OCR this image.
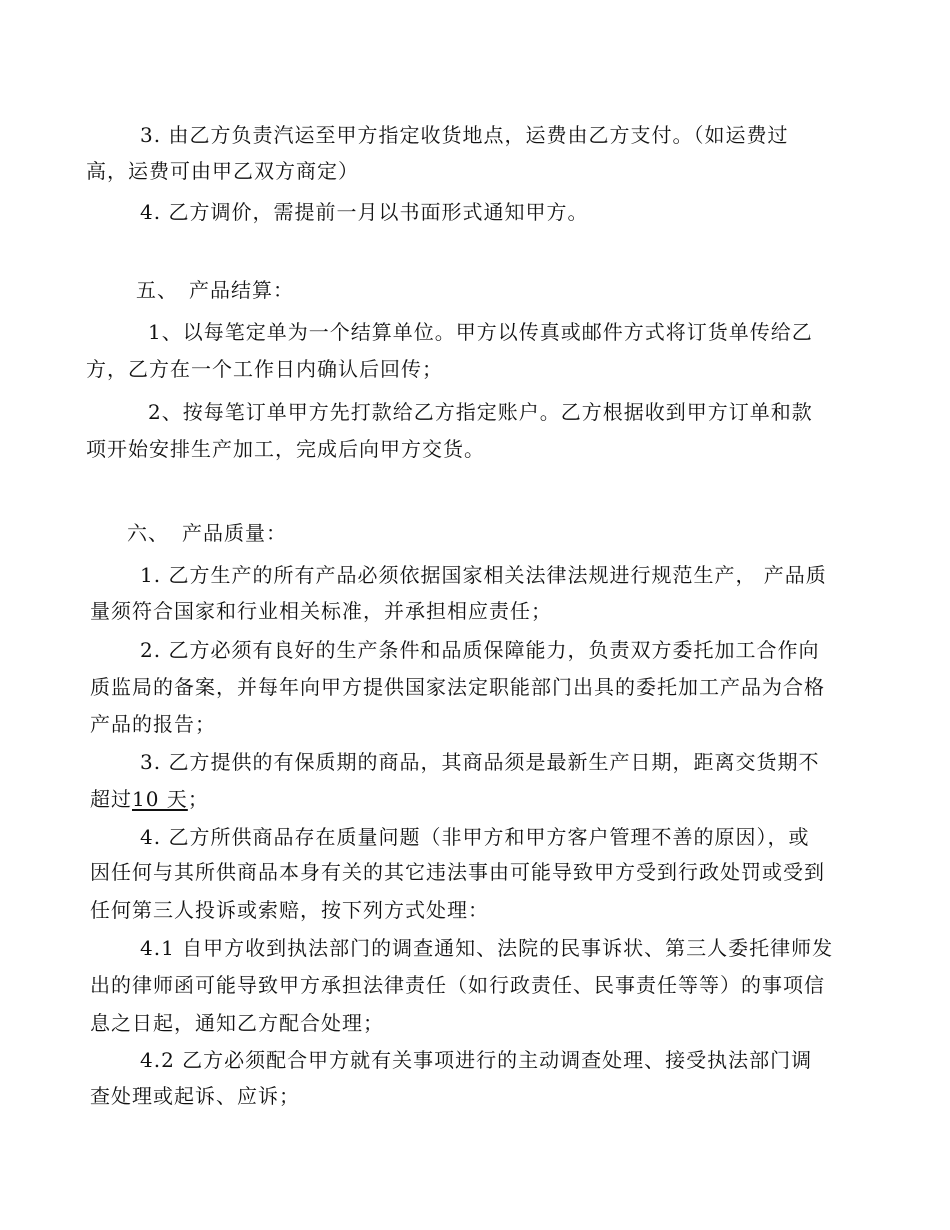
3. 由乙方负责汽运至甲方指定收货地点，运费由乙方支付。（如运费过
高，运费可由甲乙双方商定）
4. 乙方调价，需提前一月以书面形式通知甲方。
五、 产品结算：
1、以每笔定单为一个结算单位。甲方以传真或邮件方式将订货单传给乙
方，乙方在一个工作日内确认后回传；
2、按每笔订单甲方先打款给乙方指定账户。乙方根据收到甲方订单和款
项开始安排生产加工，完成后向甲方交货。
六、 产品质量：
1. 乙方生产的所有产品必须依据国家相关法律法规进行规范生产， 产品质
量须符合国家和行业相关标准，并承担相应责任；
2. 乙方必须有良好的生产条件和品质保障能力，负责双方委托加工合作向
质监局的备案，并每年向甲方提供国家法定职能部门出具的委托加工产品为合格
产品的报告；
3. 乙方提供的有保质期的商品，其商品须是最新生产日期，距离交货期不
超过10 天；
4. 乙方所供商品存在质量问题（非甲方和甲方客户管理不善的原因），或
因任何与其所供商品本身有关的其它违法事由可能导致甲方受到行政处罚或受到
任何第三人投诉或索赔，按下列方式处理：
4.1 自甲方收到执法部门的调查通知、法院的民事诉状、第三人委托律师发
出的律师函可能导致甲方承担法律责任（如行政责任、民事责任等等）的事项信
息之日起，通知乙方配合处理；
4.2 乙方必须配合甲方就有关事项进行的主动调查处理、接受执法部门调
查处理或起诉、应诉；
